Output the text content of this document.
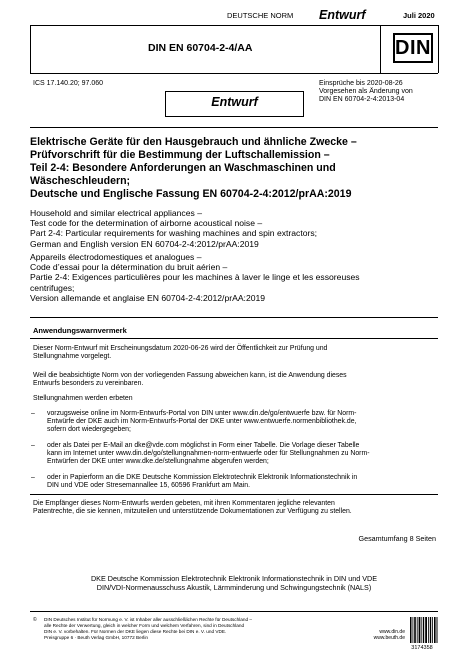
DEUTSCHE NORM Entwurf	Juli 2020
DIN EN 60704-2-4/AA	DIN
ICS 17.140.20; 97.060	Einsprüche bis 2020-08-26
Vorgesehen als Änderung von
DIN EN 60704-2-4:2013-04
Entwurf
Elektrische Geräte für den Hausgebrauch und ähnliche Zwecke –
Prüfvorschrift für die Bestimmung der Luftschallemission –
Teil 2-4: Besondere Anforderungen an Waschmaschinen und
Wäscheschleudern;
Deutsche und Englische Fassung EN 60704-2-4:2012/prAA:2019
Household and similar electrical appliances –
Test code for the determination of airborne acoustical noise –
Part 2-4: Particular requirements for washing machines and spin extractors;
German and English version EN 60704-2-4:2012/prAA:2019
Appareils électrodomestiques et analogues –
Code d’essai pour la détermination du bruit aérien –
Partie 2-4: Exigences particulières pour les machines à laver le linge et les essoreuses
centrifuges;
Version allemande et anglaise EN 60704-2-4:2012/prAA:2019
Anwendungswarnvermerk
Dieser Norm-Entwurf mit Erscheinungsdatum 2020-06-26 wird der Öffentlichkeit zur Prüfung und
Stellungnahme vorgelegt.
Weil die beabsichtigte Norm von der vorliegenden Fassung abweichen kann, ist die Anwendung dieses
Entwurfs besonders zu vereinbaren.
Stellungnahmen werden erbeten
– vorzugsweise online im Norm-Entwurfs-Portal von DIN unter www.din.de/go/entwuerfe bzw. für Norm-

Entwürfe der DKE auch im Norm-Entwurfs-Portal der DKE unter www.entwuerfe.normenbibliothek.de,

sofern dort wiedergegeben;

– oder als Datei per E-Mail an dke@vde.com möglichst in Form einer Tabelle. Die Vorlage dieser Tabelle

kann im Internet unter www.din.de/go/stellungnahmen-norm-entwuerfe oder für Stellungnahmen zu Norm-

Entwürfen der DKE unter www.dke.de/stellungnahme abgerufen werden;

– oder in Papierform an die DKE Deutsche Kommission Elektrotechnik Elektronik Informationstechnik in

DIN und VDE oder Stresemannallee 15, 60596 Frankfurt am Main.

Die Empfänger dieses Norm-Entwurfs werden gebeten, mit ihren Kommentaren jegliche relevanten
Patentrechte, die sie kennen, mitzuteilen und unterstützende Dokumentationen zur Verfügung zu stellen.
Gesamtumfang 8 Seiten
DKE Deutsche Kommission Elektrotechnik Elektronik Informationstechnik in DIN und VDE
DIN/VDI-Normenausschuss Akustik, Lärmminderung und Schwingungstechnik (NALS)
© DIN Deutsches Institut für Normung e. V. ist Inhaber aller ausschließlichen Rechte für Deutschland –
alle Rechte der Verwertung, gleich in welcher Form und welchem Verfahren, sind in Deutschland
DIN e. V. vorbehalten. Für Normen der DKE liegen diese Rechte bei DIN e. V. und VDE.
Preisgruppe 6 · Beuth Verlag GmbH, 10772 Berlin
www.din.de
www.beuth.de
3174358
